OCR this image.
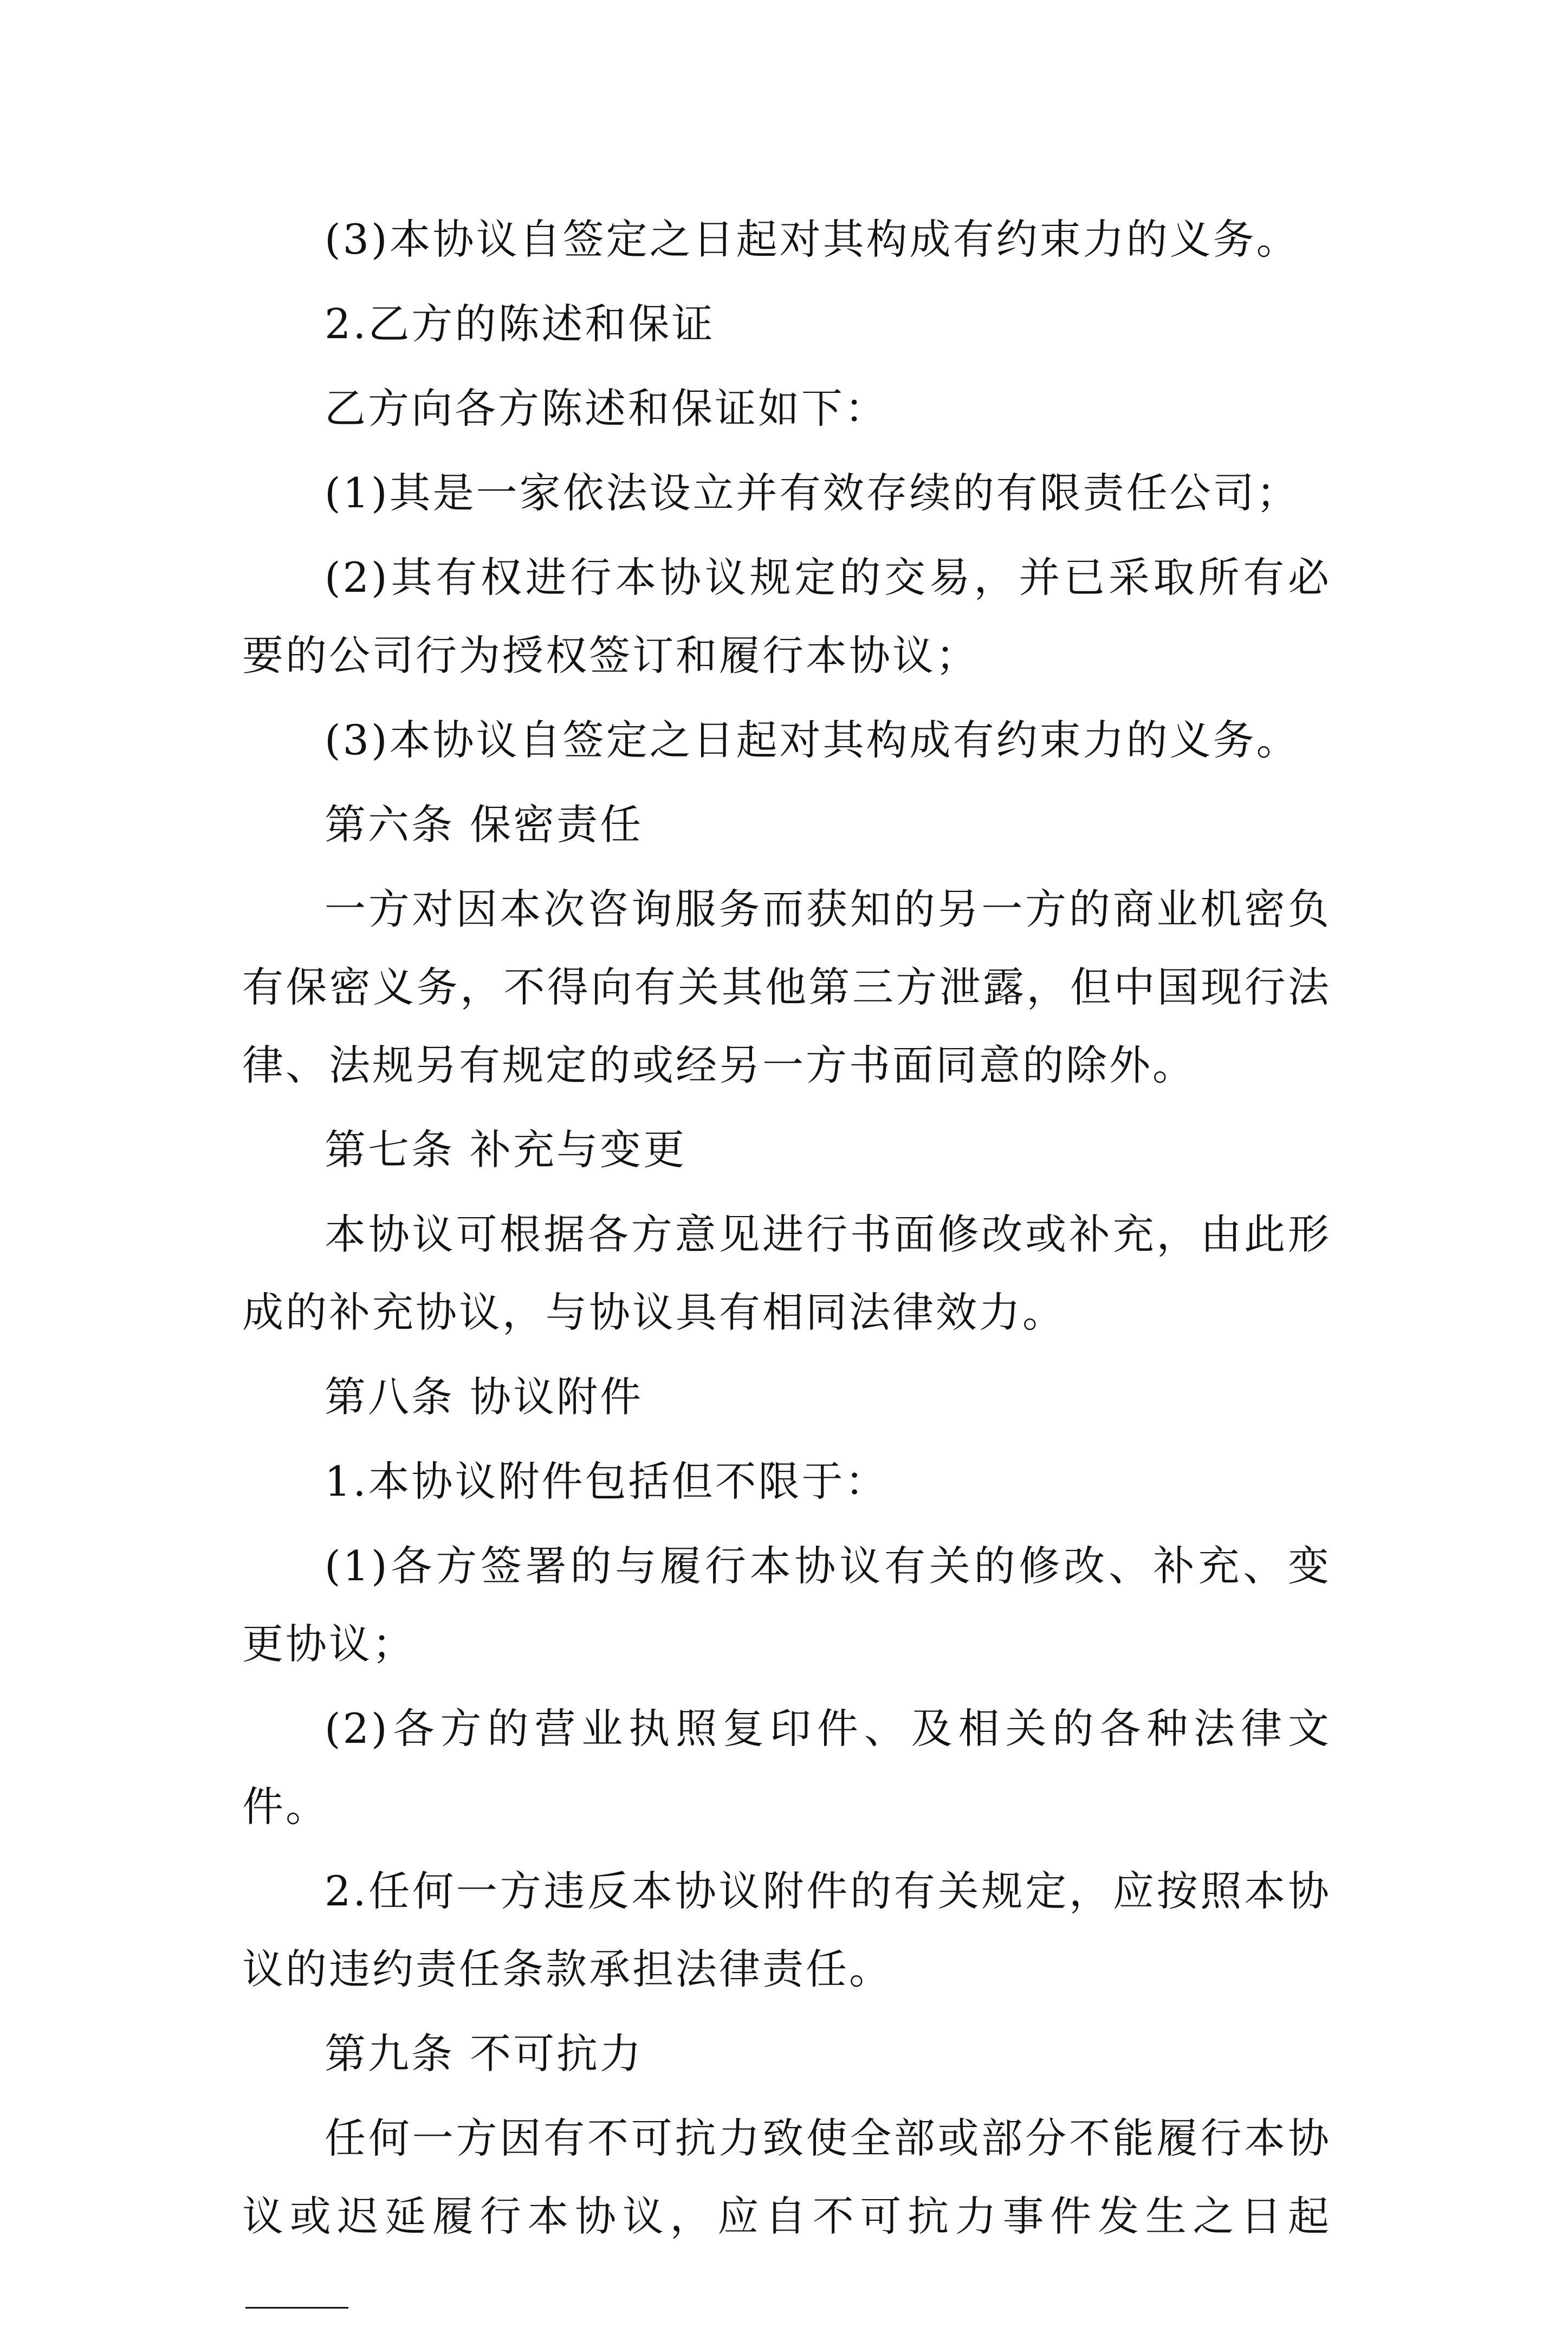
(3)本协议自签定之日起对其构成有约束力的义务。

2.乙方的陈述和保证

乙方向各方陈述和保证如下：

(1)其是一家依法设立并有效存续的有限责任公司；

(2)其有权进行本协议规定的交易，并已采取所有必要的公司行为授权签订和履行本协议；

(3)本协议自签定之日起对其构成有约束力的义务。

第六条 保密责任

一方对因本次咨询服务而获知的另一方的商业机密负有保密义务，不得向有关其他第三方泄露，但中国现行法律、法规另有规定的或经另一方书面同意的除外。

第七条 补充与变更

本协议可根据各方意见进行书面修改或补充，由此形成的补充协议，与协议具有相同法律效力。

第八条 协议附件

1.本协议附件包括但不限于：

(1)各方签署的与履行本协议有关的修改、补充、变更协议；

(2)各方的营业执照复印件、及相关的各种法律文件。

2.任何一方违反本协议附件的有关规定，应按照本协议的违约责任条款承担法律责任。

第九条 不可抗力

任何一方因有不可抗力致使全部或部分不能履行本协议或迟延履行本协议，应自不可抗力事件发生之日起
